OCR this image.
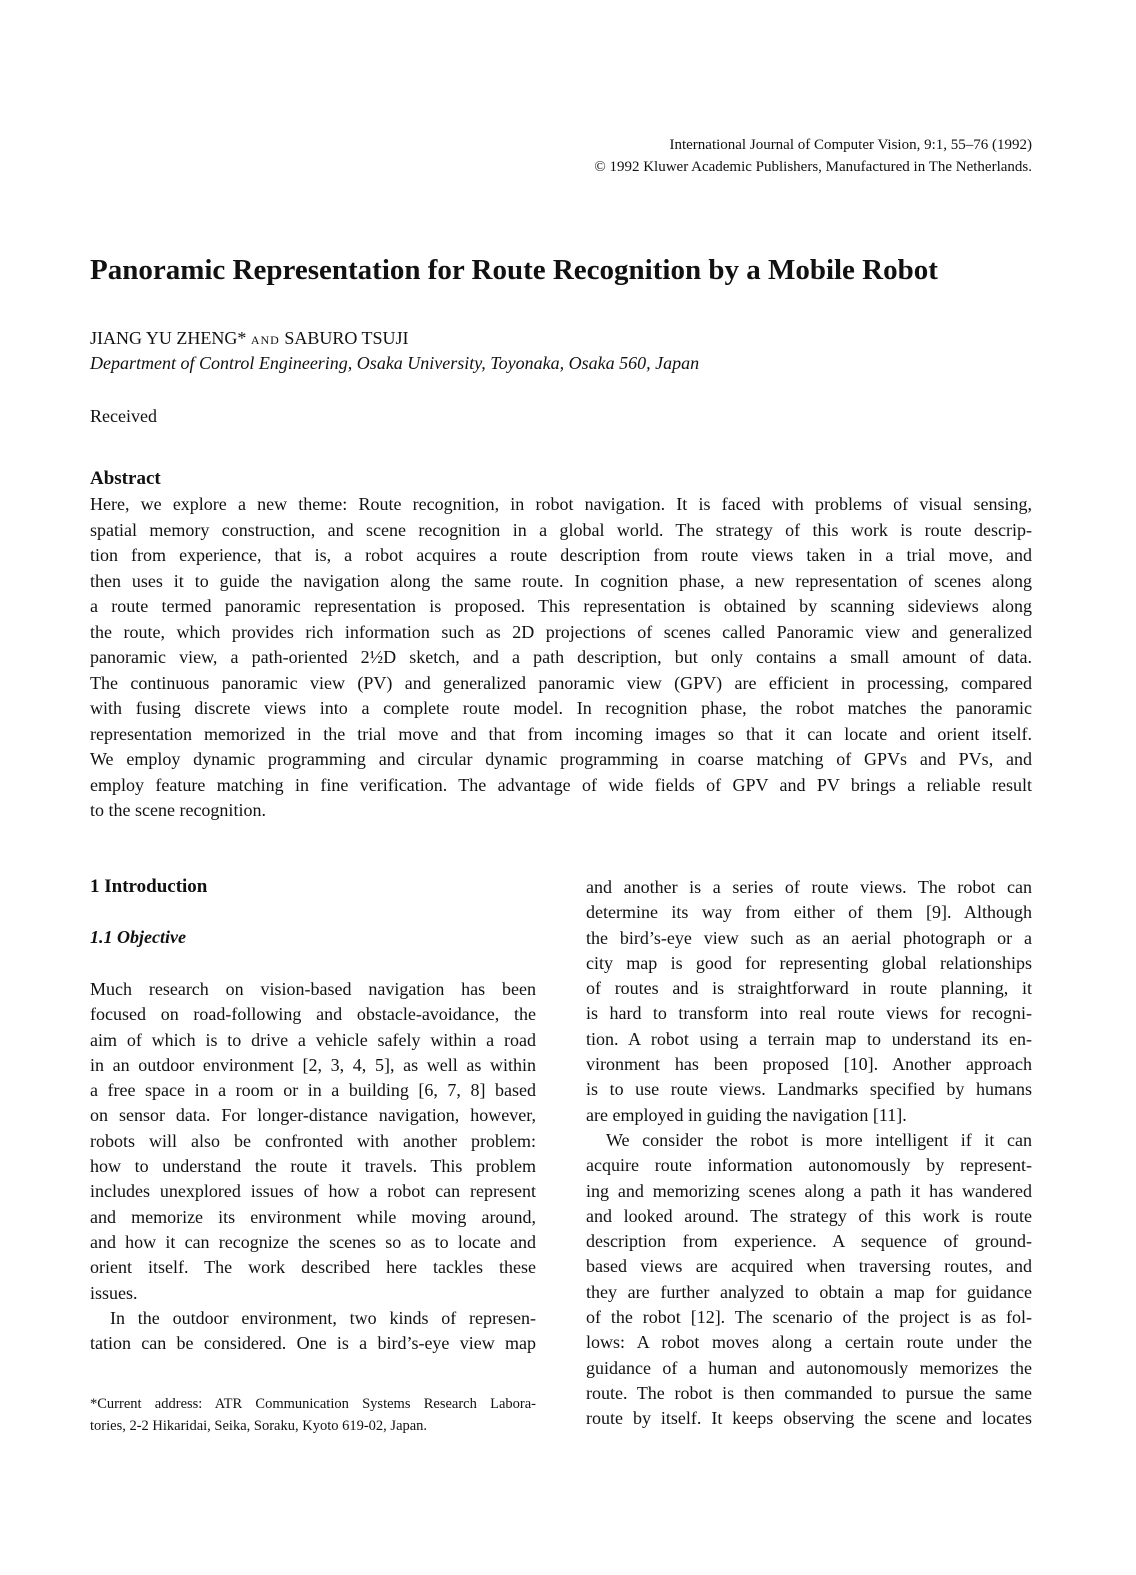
International Journal of Computer Vision, 9:1, 55–76 (1992)
© 1992 Kluwer Academic Publishers, Manufactured in The Netherlands.
Panoramic Representation for Route Recognition by a Mobile Robot
JIANG YU ZHENG* AND SABURO TSUJI
Department of Control Engineering, Osaka University, Toyonaka, Osaka 560, Japan
Received
Abstract
Here, we explore a new theme: Route recognition, in robot navigation. It is faced with problems of visual sensing,
spatial memory construction, and scene recognition in a global world. The strategy of this work is route descrip-
tion from experience, that is, a robot acquires a route description from route views taken in a trial move, and
then uses it to guide the navigation along the same route. In cognition phase, a new representation of scenes along
a route termed panoramic representation is proposed. This representation is obtained by scanning sideviews along
the route, which provides rich information such as 2D projections of scenes called Panoramic view and generalized
panoramic view, a path-oriented 2½D sketch, and a path description, but only contains a small amount of data.
The continuous panoramic view (PV) and generalized panoramic view (GPV) are efficient in processing, compared
with fusing discrete views into a complete route model. In recognition phase, the robot matches the panoramic
representation memorized in the trial move and that from incoming images so that it can locate and orient itself.
We employ dynamic programming and circular dynamic programming in coarse matching of GPVs and PVs, and
employ feature matching in fine verification. The advantage of wide fields of GPV and PV brings a reliable result
to the scene recognition.
1 Introduction
1.1 Objective
Much research on vision-based navigation has been
focused on road-following and obstacle-avoidance, the
aim of which is to drive a vehicle safely within a road
in an outdoor environment [2, 3, 4, 5], as well as within
a free space in a room or in a building [6, 7, 8] based
on sensor data. For longer-distance navigation, however,
robots will also be confronted with another problem:
how to understand the route it travels. This problem
includes unexplored issues of how a robot can represent
and memorize its environment while moving around,
and how it can recognize the scenes so as to locate and
orient itself. The work described here tackles these
issues.
In the outdoor environment, two kinds of represen-
tation can be considered. One is a bird’s-eye view map
and another is a series of route views. The robot can
determine its way from either of them [9]. Although
the bird’s-eye view such as an aerial photograph or a
city map is good for representing global relationships
of routes and is straightforward in route planning, it
is hard to transform into real route views for recogni-
tion. A robot using a terrain map to understand its en-
vironment has been proposed [10]. Another approach
is to use route views. Landmarks specified by humans
are employed in guiding the navigation [11].
We consider the robot is more intelligent if it can
acquire route information autonomously by represent-
ing and memorizing scenes along a path it has wandered
and looked around. The strategy of this work is route
description from experience. A sequence of ground-
based views are acquired when traversing routes, and
they are further analyzed to obtain a map for guidance
of the robot [12]. The scenario of the project is as fol-
lows: A robot moves along a certain route under the
guidance of a human and autonomously memorizes the
route. The robot is then commanded to pursue the same
route by itself. It keeps observing the scene and locates
*Current address: ATR Communication Systems Research Labora-
tories, 2-2 Hikaridai, Seika, Soraku, Kyoto 619-02, Japan.
